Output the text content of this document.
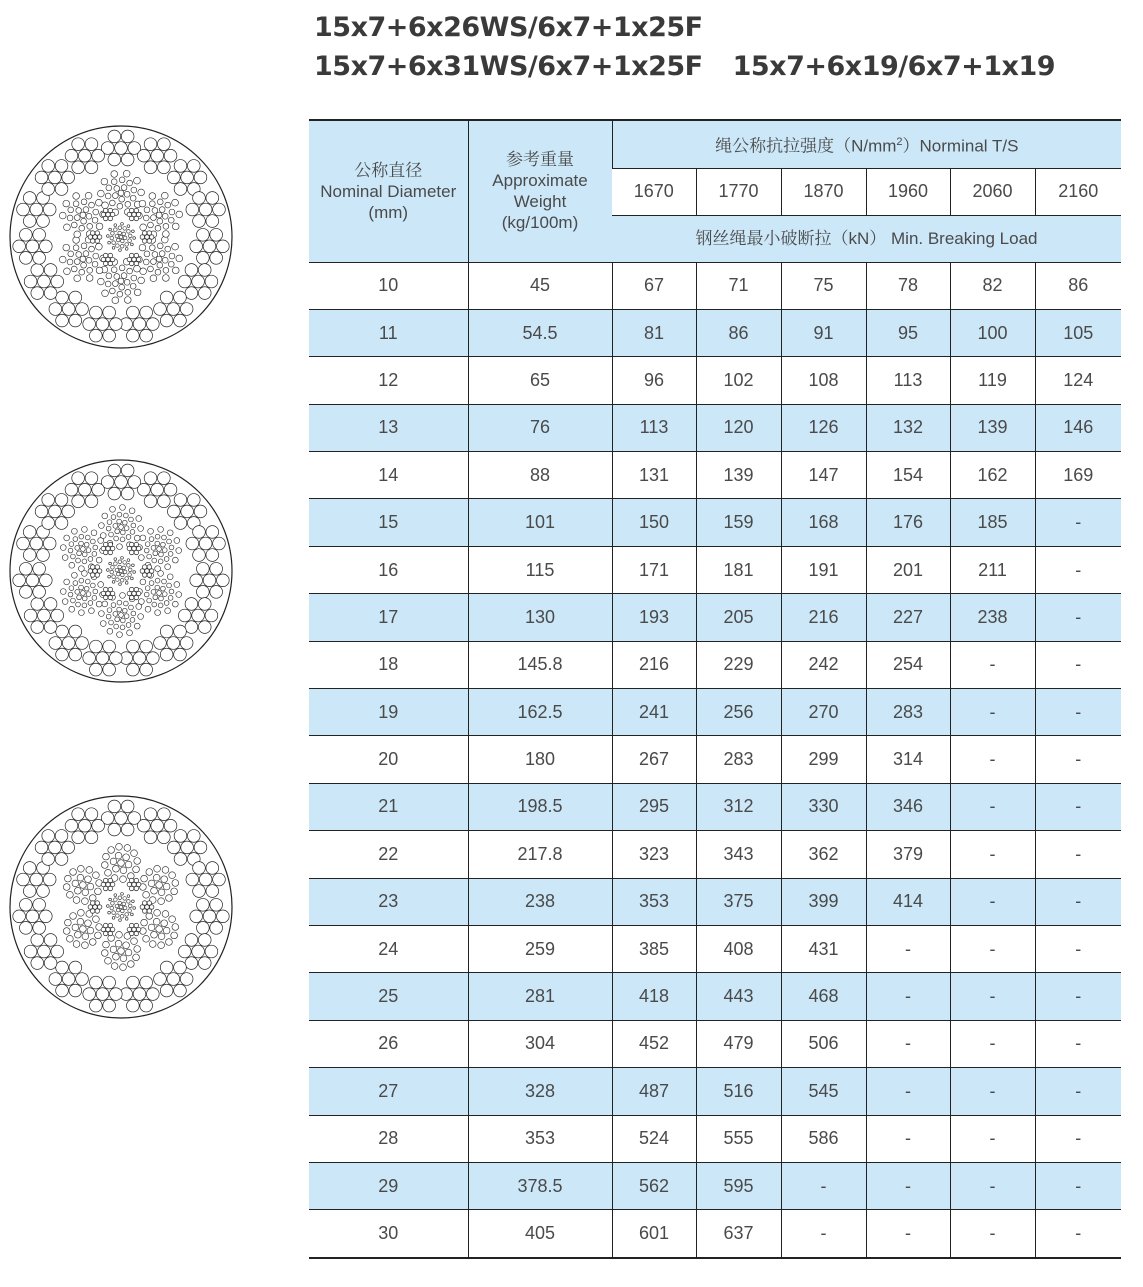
15x7+6x26WS/6x7+1x25F
15x7+6x31WS/6x7+1x25F 15x7+6x19/6x7+1x19
公称直径
Nominal Diameter
(mm)	参考重量
Approximate
Weight
(kg/100m)	绳公称抗拉强度$(N/mm^2)Norminal$ T/S					
		1670	1770	1870	1960	2060	2160
		钢丝绳最小破断拉（kN） Min. Breaking Load					
10	45	67	71	75	78	82	86
11	54.5	81	86	91	95	100	105
12	65	96	102	108	113	119	124
13	76	113	120	126	132	139	146
14	88	131	139	147	154	162	169
15	101	150	159	168	176	185	-
16	115	171	181	191	201	211	-
17	130	193	205	216	227	238	-
18	145.8	216	229	242	254	-	-
19	162.5	241	256	270	283	-	-
20	180	267	283	299	314	-	-
21	198.5	295	312	330	346	-	-
22	217.8	323	343	362	379	-	-
23	238	353	375	399	414	-	-
24	259	385	408	431	-	-	-
25	281	418	443	468	-	-	-
26	304	452	479	506	-	-	-
27	328	487	516	545	-	-	-
28	353	524	555	586	-	-	-
29	378.5	562	595	-	-	-	-
30	405	601	637	-	-	-	-
